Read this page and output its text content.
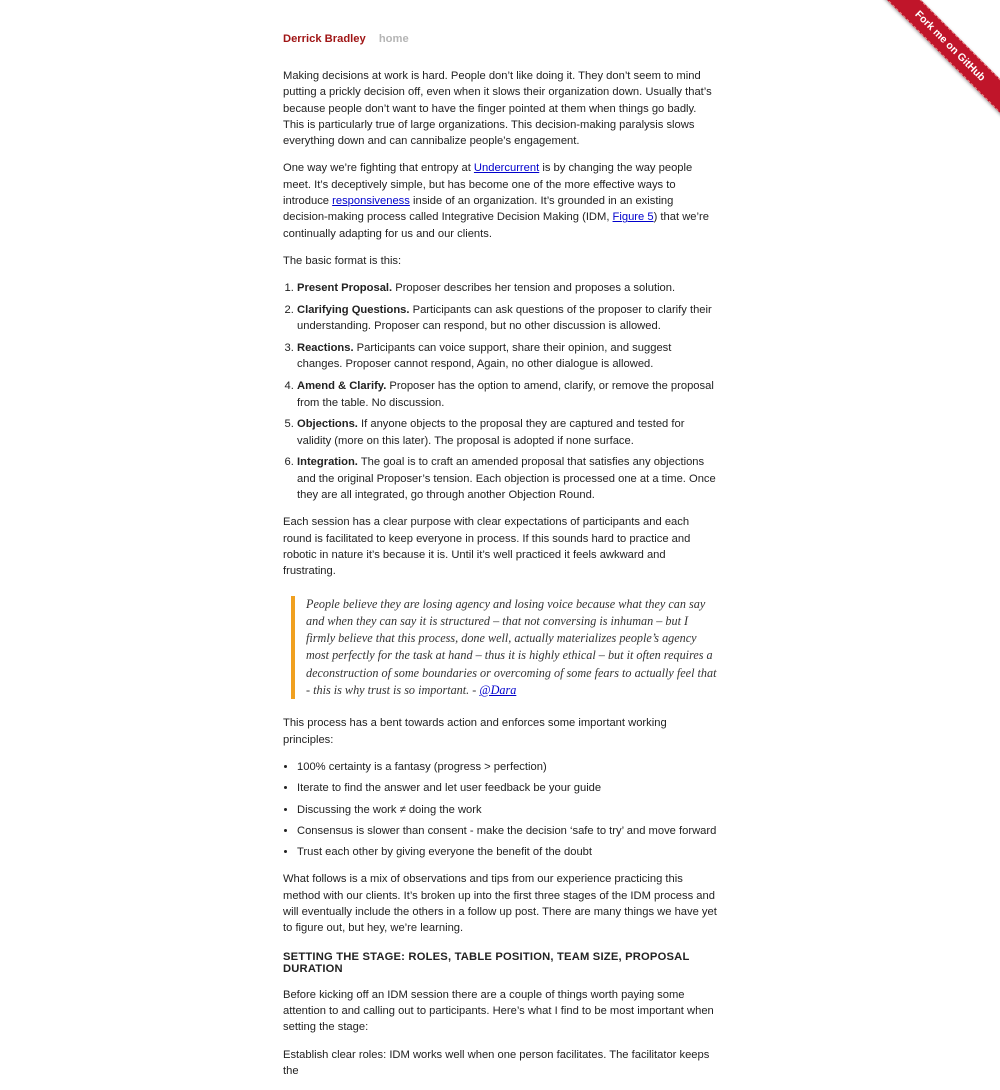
Fork me on GitHub
Derrick Bradley home

Making decisions at work is hard. People don’t like doing it. They don’t seem to mind putting a prickly decision off, even when it slows their organization down. Usually that’s because people don’t want to have the finger pointed at them when things go badly. This is particularly true of large organizations. This decision-making paralysis slows everything down and can cannibalize people’s engagement.

One way we’re fighting that entropy at Undercurrent is by changing the way people meet. It’s deceptively simple, but has become one of the more effective ways to introduce responsiveness inside of an organization. It’s grounded in an existing decision-making process called Integrative Decision Making (IDM, Figure 5) that we’re continually adapting for us and our clients.

The basic format is this:

1. Present Proposal. Proposer describes her tension and proposes a solution.
2. Clarifying Questions. Participants can ask questions of the proposer to clarify their understanding. Proposer can respond, but no other discussion is allowed.
3. Reactions. Participants can voice support, share their opinion, and suggest changes. Proposer cannot respond, Again, no other dialogue is allowed.
4. Amend & Clarify. Proposer has the option to amend, clarify, or remove the proposal from the table. No discussion.
5. Objections. If anyone objects to the proposal they are captured and tested for validity (more on this later). The proposal is adopted if none surface.
6. Integration. The goal is to craft an amended proposal that satisfies any objections and the original Proposer’s tension. Each objection is processed one at a time. Once they are all integrated, go through another Objection Round.

Each session has a clear purpose with clear expectations of participants and each round is facilitated to keep everyone in process. If this sounds hard to practice and robotic in nature it’s because it is. Until it’s well practiced it feels awkward and frustrating.

People believe they are losing agency and losing voice because what they can say and when they can say it is structured – that not conversing is inhuman – but I firmly believe that this process, done well, actually materializes people’s agency most perfectly for the task at hand – thus it is highly ethical – but it often requires a deconstruction of some boundaries or overcoming of some fears to actually feel that - this is why trust is so important. - @Dara

This process has a bent towards action and enforces some important working principles:

• 100% certainty is a fantasy (progress > perfection)
• Iterate to find the answer and let user feedback be your guide
• Discussing the work ≠ doing the work
• Consensus is slower than consent - make the decision ‘safe to try’ and move forward
• Trust each other by giving everyone the benefit of the doubt

What follows is a mix of observations and tips from our experience practicing this method with our clients. It’s broken up into the first three stages of the IDM process and will eventually include the others in a follow up post. There are many things we have yet to figure out, but hey, we’re learning.

SETTING THE STAGE: ROLES, TABLE POSITION, TEAM SIZE, PROPOSAL DURATION

Before kicking off an IDM session there are a couple of things worth paying some attention to and calling out to participants. Here’s what I find to be most important when setting the stage:

Establish clear roles: IDM works well when one person facilitates. The facilitator keeps the
